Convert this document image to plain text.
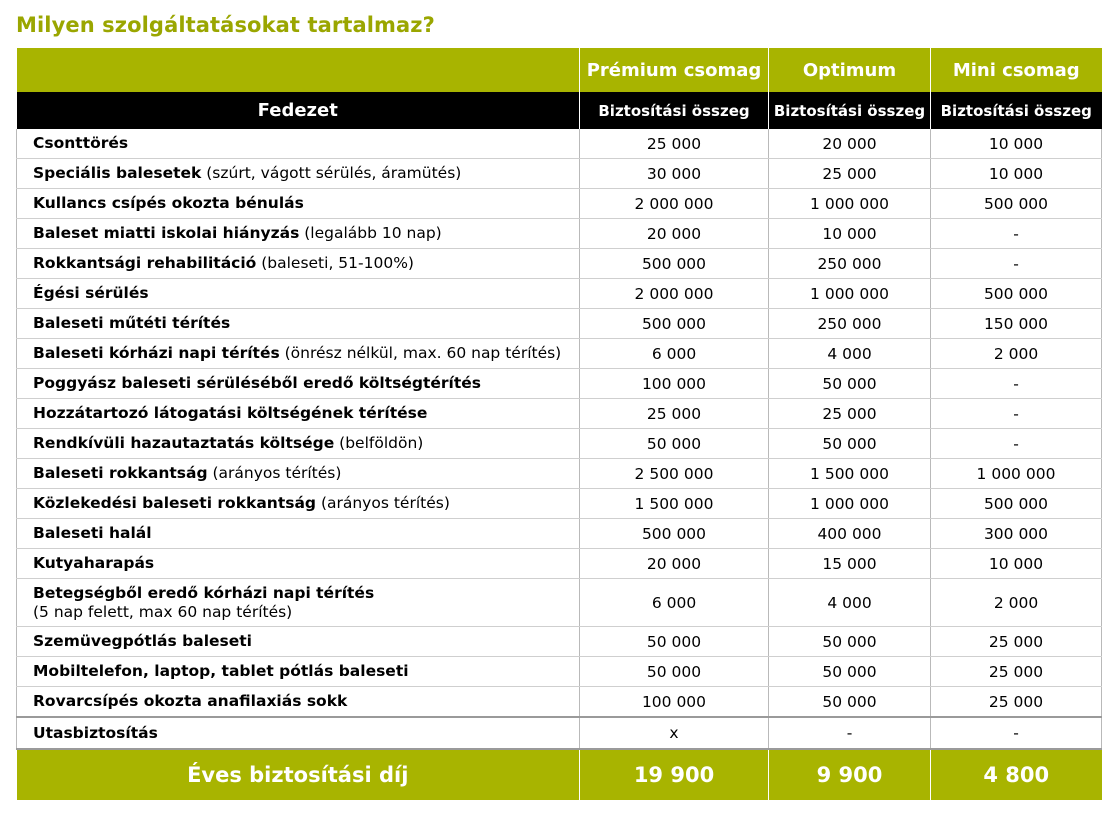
Milyen szolgáltatásokat tartalmaz?
	Prémium csomag	Optimum	Mini csomag
Fedezet	Biztosítási összeg	Biztosítási összeg	Biztosítási összeg
Csonttörés	25 000	20 000	10 000
Speciális balesetek (szúrt, vágott sérülés, áramütés)	30 000	25 000	10 000
Kullancs csípés okozta bénulás	2 000 000	1 000 000	500 000
Baleset miatti iskolai hiányzás (legalább 10 nap)	20 000	10 000	-
Rokkantsági rehabilitáció (baleseti, 51-100%)	500 000	250 000	-
Égési sérülés	2 000 000	1 000 000	500 000
Baleseti műtéti térítés	500 000	250 000	150 000
Baleseti kórházi napi térítés (önrész nélkül, max. 60 nap térítés)	6 000	4 000	2 000
Poggyász baleseti sérüléséből eredő költségtérítés	100 000	50 000	-
Hozzátartozó látogatási költségének térítése	25 000	25 000	-
Rendkívüli hazautaztatás költsége (belföldön)	50 000	50 000	-
Baleseti rokkantság (arányos térítés)	2 500 000	1 500 000	1 000 000
Közlekedési baleseti rokkantság (arányos térítés)	1 500 000	1 000 000	500 000
Baleseti halál	500 000	400 000	300 000
Kutyaharapás	20 000	15 000	10 000
Betegségből eredő kórházi napi térítés
(5 nap felett, max 60 nap térítés)	6 000	4 000	2 000
Szemüvegpótlás baleseti	50 000	50 000	25 000
Mobiltelefon, laptop, tablet pótlás baleseti	50 000	50 000	25 000
Rovarcsípés okozta anafilaxiás sokk	100 000	50 000	25 000

Utasbiztosítás	x	-	-
Éves biztosítási díj	19 900	9 900	4 800
